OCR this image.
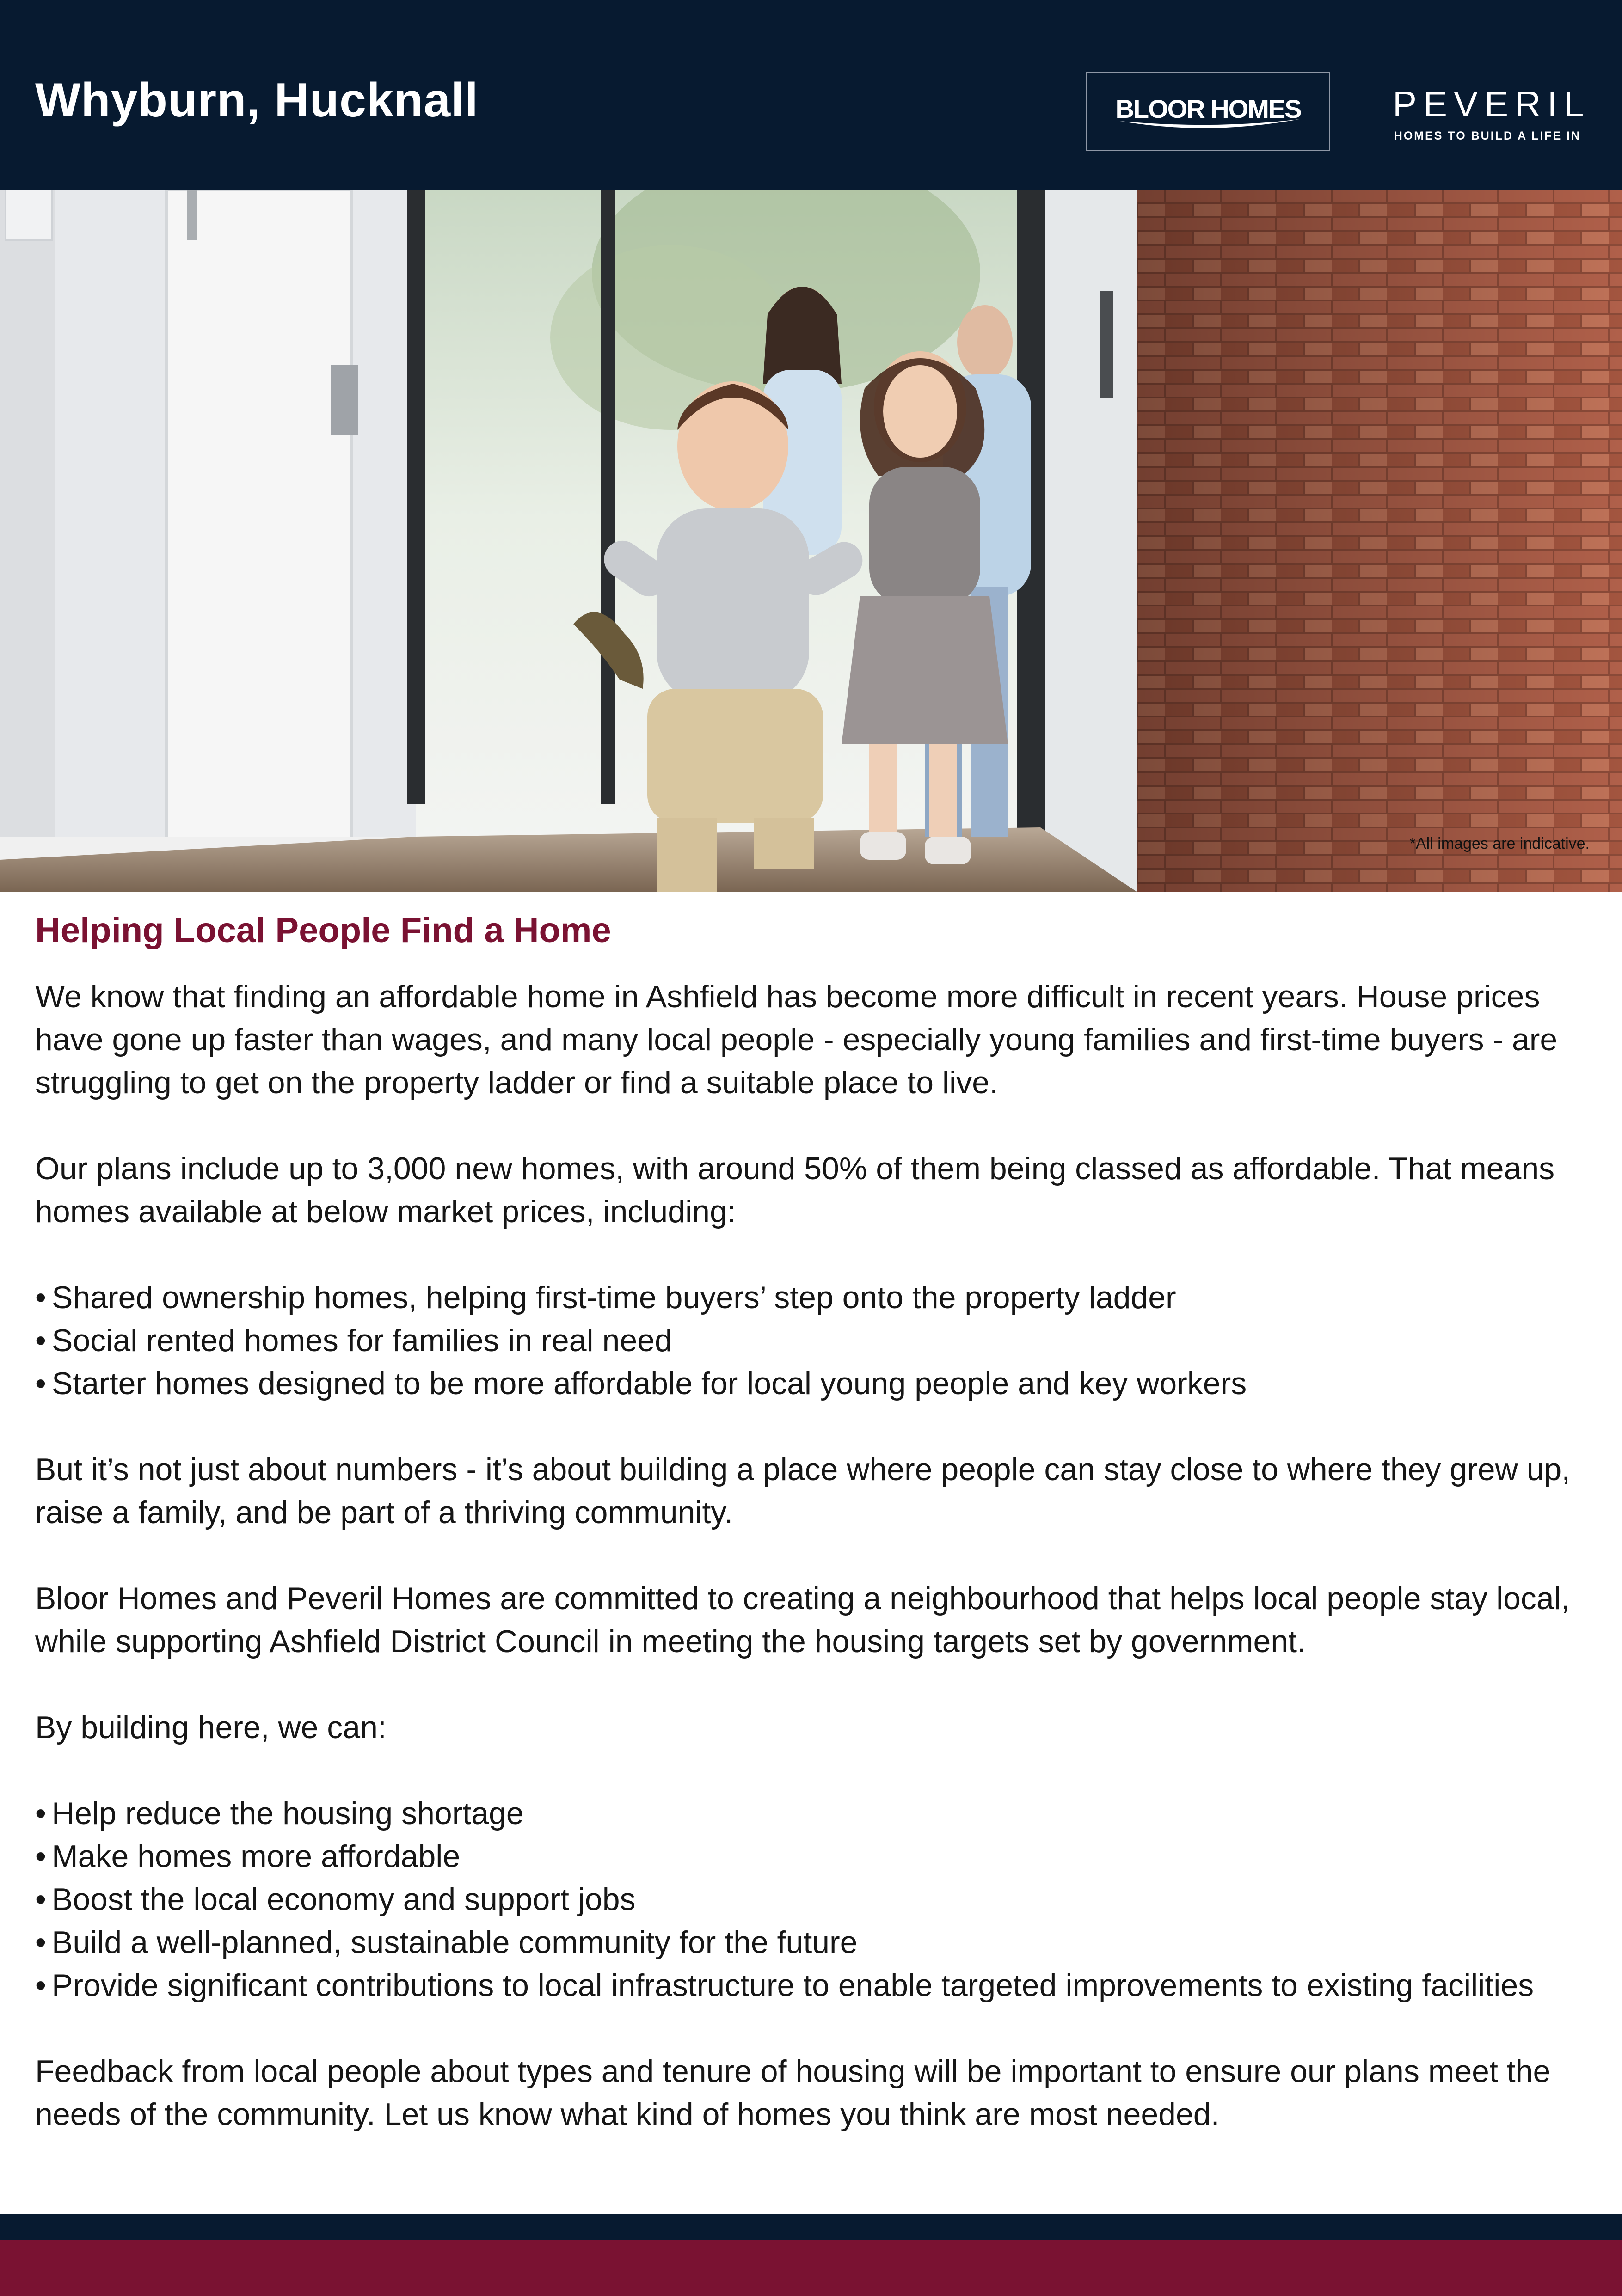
Whyburn, Hucknall	BLOOR HOMES	PEVERIL
HOMES TO BUILD A LIFE IN
*All images are indicative.
Helping Local People Find a Home

We know that finding an affordable home in Ashfield has become more difficult in recent years. House prices have gone up faster than wages, and many local people - especially young families and first-time buyers - are struggling to get on the property ladder or find a suitable place to live.

Our plans include up to 3,000 new homes, with around 50% of them being classed as affordable. That means homes available at below market prices, including:

• Shared ownership homes, helping first-time buyers’ step onto the property ladder
• Social rented homes for families in real need
• Starter homes designed to be more affordable for local young people and key workers

But it’s not just about numbers - it’s about building a place where people can stay close to where they grew up, raise a family, and be part of a thriving community.

Bloor Homes and Peveril Homes are committed to creating a neighbourhood that helps local people stay local, while supporting Ashfield District Council in meeting the housing targets set by government.

By building here, we can:

• Help reduce the housing shortage
• Make homes more affordable
• Boost the local economy and support jobs
• Build a well-planned, sustainable community for the future
• Provide significant contributions to local infrastructure to enable targeted improvements to existing facilities

Feedback from local people about types and tenure of housing will be important to ensure our plans meet the needs of the community. Let us know what kind of homes you think are most needed.
